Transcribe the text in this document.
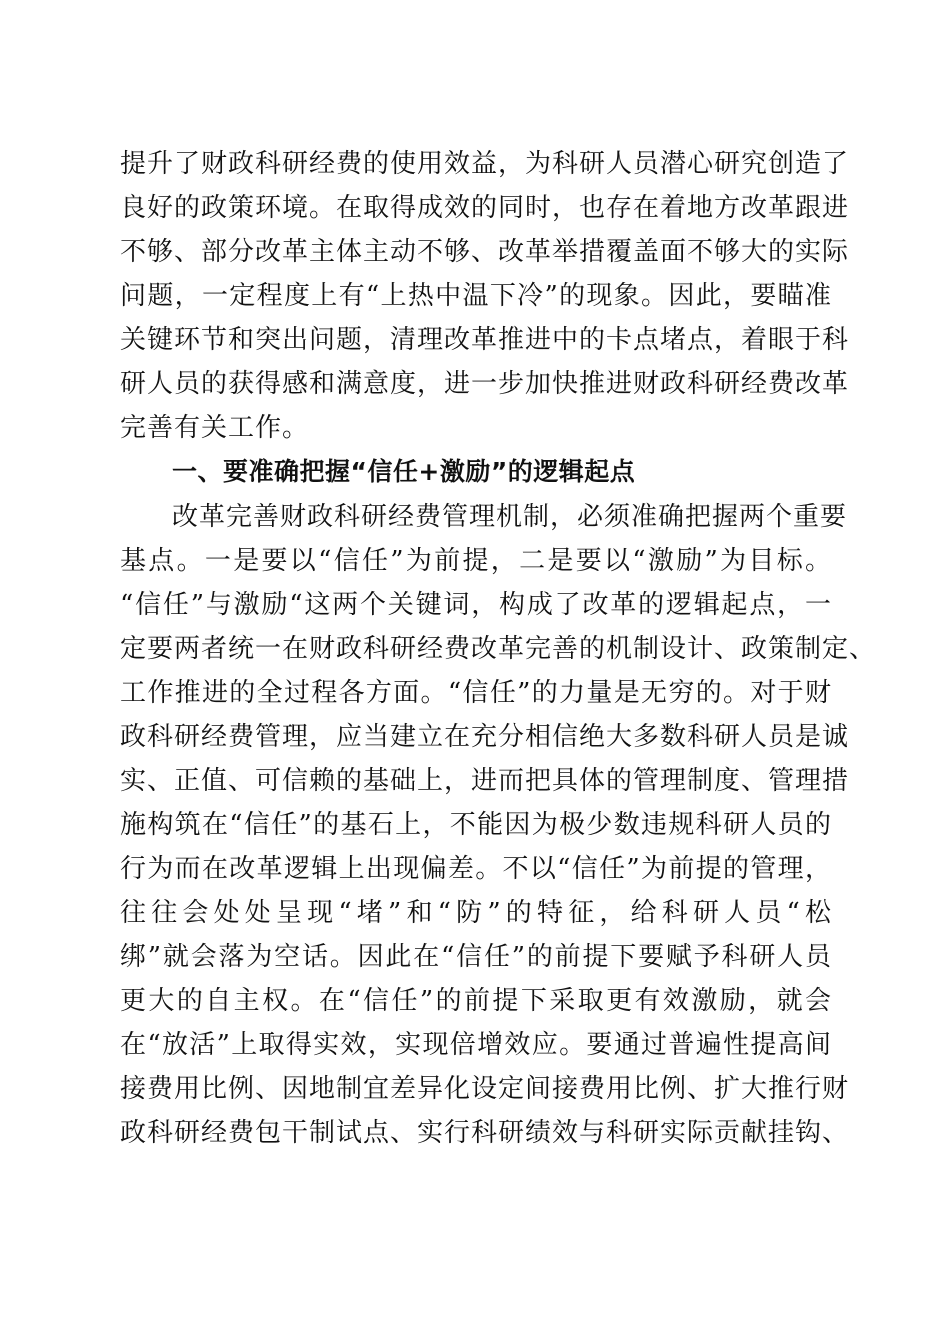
提升了财政科研经费的使用效益，为科研人员潜心研究创造了
良好的政策环境。在取得成效的同时，也存在着地方改革跟进
不够、部分改革主体主动不够、改革举措覆盖面不够大的实际
问题，一定程度上有“上热中温下冷”的现象。因此，要瞄准
关键环节和突出问题，清理改革推进中的卡点堵点，着眼于科
研人员的获得感和满意度，进一步加快推进财政科研经费改革
完善有关工作。
一、要准确把握“信任+激励”的逻辑起点
改革完善财政科研经费管理机制，必须准确把握两个重要
基点。一是要以“信任”为前提，二是要以“激励”为目标。
“信任”与激励“这两个关键词，构成了改革的逻辑起点，一
定要两者统一在财政科研经费改革完善的机制设计、政策制定、
工作推进的全过程各方面。“信任”的力量是无穷的。对于财
政科研经费管理，应当建立在充分相信绝大多数科研人员是诚
实、正值、可信赖的基础上，进而把具体的管理制度、管理措
施构筑在“信任”的基石上，不能因为极少数违规科研人员的
行为而在改革逻辑上出现偏差。不以“信任”为前提的管理，
往往会处处呈现“堵”和“防”的特征，给科研人员“松
绑”就会落为空话。因此在“信任”的前提下要赋予科研人员
更大的自主权。在“信任”的前提下采取更有效激励，就会
在“放活”上取得实效，实现倍增效应。要通过普遍性提高间
接费用比例、因地制宜差异化设定间接费用比例、扩大推行财
政科研经费包干制试点、实行科研绩效与科研实际贡献挂钩、
